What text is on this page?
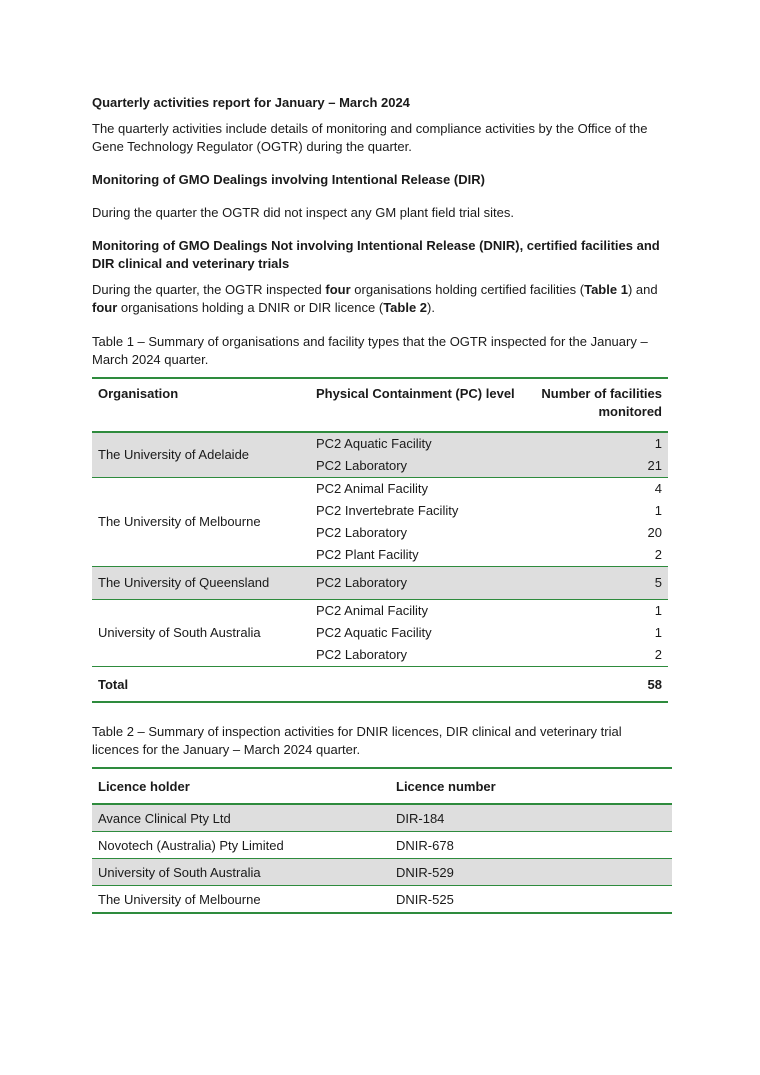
Quarterly activities report for January – March 2024

The quarterly activities include details of monitoring and compliance activities by the Office of the Gene Technology Regulator (OGTR) during the quarter.

Monitoring of GMO Dealings involving Intentional Release (DIR)

During the quarter the OGTR did not inspect any GM plant field trial sites.

Monitoring of GMO Dealings Not involving Intentional Release (DNIR), certified facilities and DIR clinical and veterinary trials

During the quarter, the OGTR inspected four organisations holding certified facilities (Table 1) and four organisations holding a DNIR or DIR licence (Table 2).

Table 1 – Summary of organisations and facility types that the OGTR inspected for the January – March 2024 quarter.

Organisation	Physical Containment (PC) level	Number of facilities monitored
The University of Adelaide	PC2 Aquatic Facility	1
	PC2 Laboratory	21
The University of Melbourne	PC2 Animal Facility	4
	PC2 Invertebrate Facility	1
	PC2 Laboratory	20
	PC2 Plant Facility	2
The University of Queensland	PC2 Laboratory	5
University of South Australia	PC2 Animal Facility	1
	PC2 Aquatic Facility	1
	PC2 Laboratory	2
Total		58

Table 2 – Summary of inspection activities for DNIR licences, DIR clinical and veterinary trial licences for the January – March 2024 quarter.

Licence holder	Licence number
Avance Clinical Pty Ltd	DIR-184
Novotech (Australia) Pty Limited	DNIR-678
University of South Australia	DNIR-529
The University of Melbourne	DNIR-525
